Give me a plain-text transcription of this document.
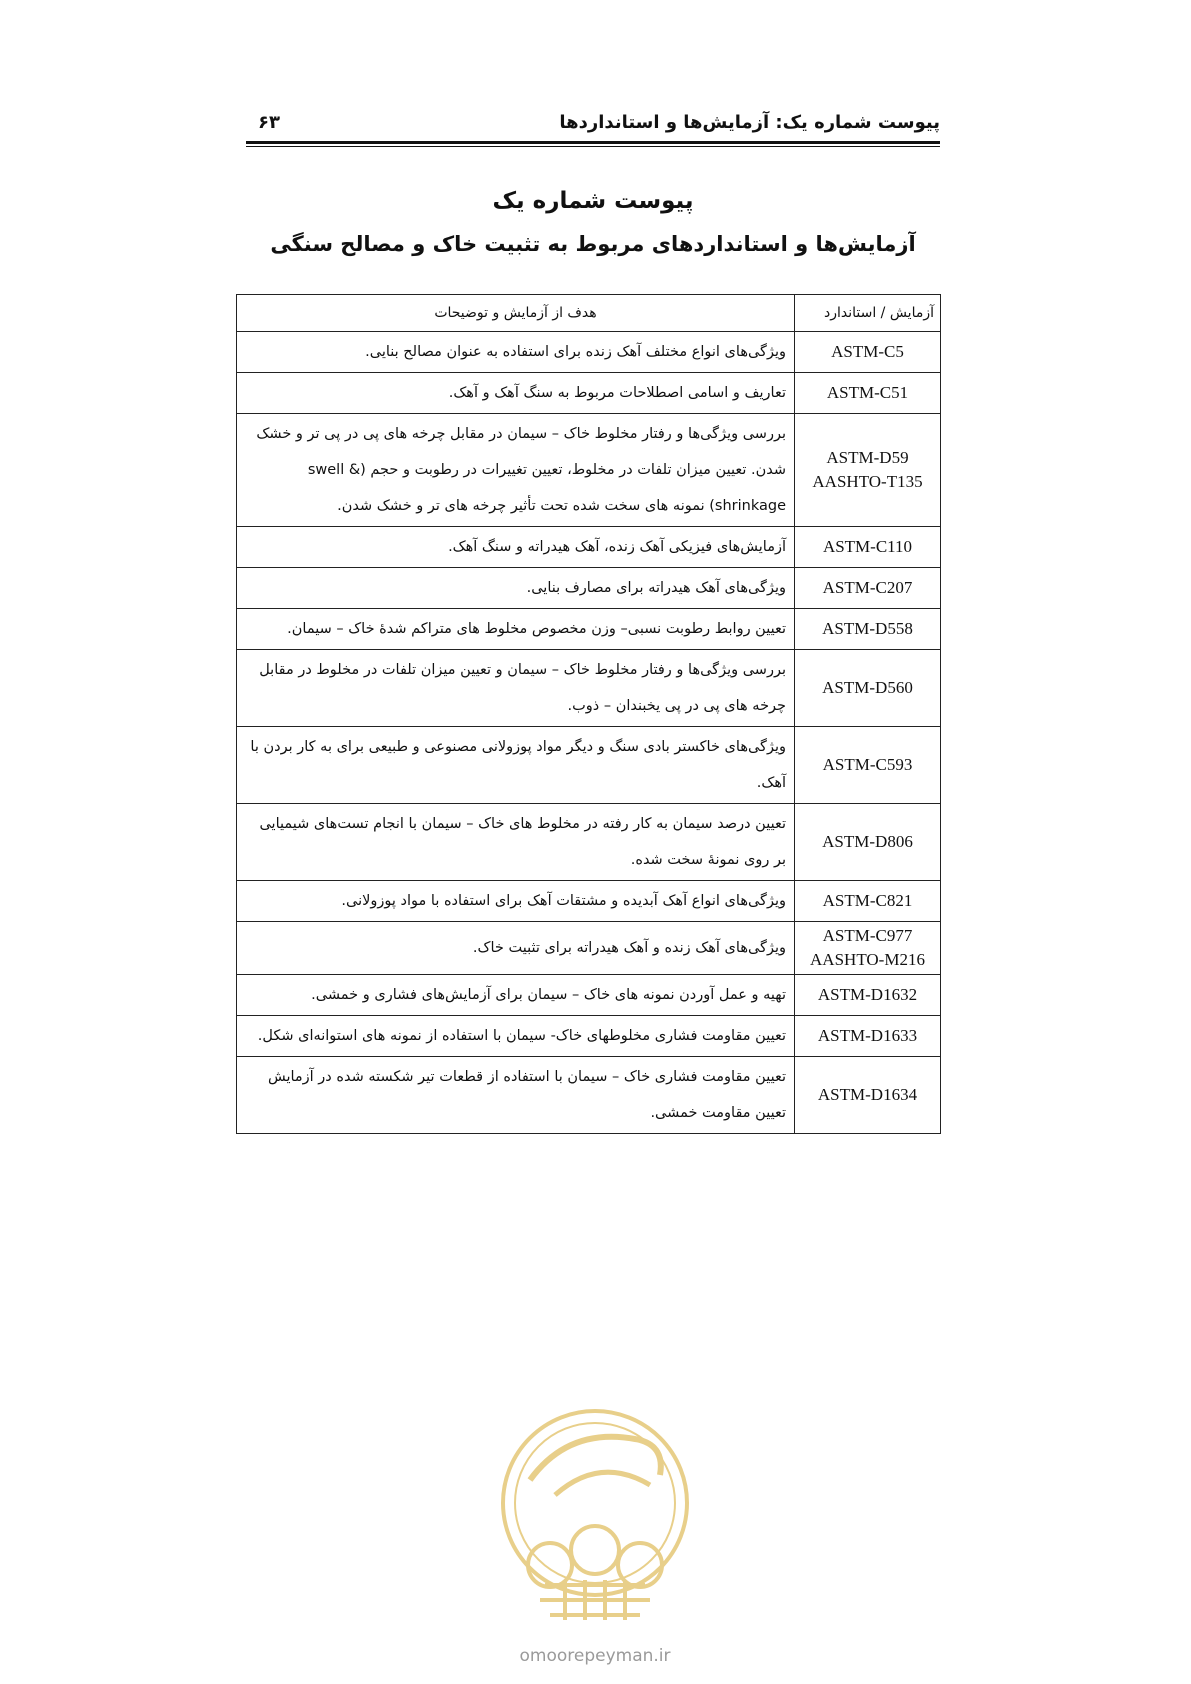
پیوست شماره یک: آزمایش‌ها و استانداردها
۶۳
پیوست شماره یک
آزمایش‌ها و استانداردهای مربوط به تثبیت خاک و مصالح سنگی
آزمایش / استاندارد	هدف از آزمایش و توضیحات

ASTM-C5	ویژگی‌های انواع مختلف آهک زنده برای استفاده به عنوان مصالح بنایی.

ASTM-C51	تعاریف و اسامی اصطلاحات مربوط به سنگ آهک و آهک.

ASTM-D59
AASHTO-T135	بررسی ویژگی‌ها و رفتار مخلوط خاک – سیمان در مقابل چرخه های پی در پی تر و خشک شدن. تعیین میزان تلفات در مخلوط، تعیین تغییرات در رطوبت و حجم (swell & shrinkage) نمونه های سخت شده تحت تأثیر چرخه های تر و خشک شدن.

ASTM-C110	آزمایش‌های فیزیکی آهک زنده، آهک هیدراته و سنگ آهک.

ASTM-C207	ویژگی‌های آهک هیدراته برای مصارف بنایی.

ASTM-D558	تعیین روابط رطوبت نسبی– وزن مخصوص مخلوط های متراکم شدهٔ خاک – سیمان.

ASTM-D560	بررسی ویژگی‌ها و رفتار مخلوط خاک – سیمان و تعیین میزان تلفات در مخلوط در مقابل چرخه های پی در پی یخبندان – ذوب.

ASTM-C593	ویژگی‌های خاکستر بادی سنگ و دیگر مواد پوزولانی مصنوعی و طبیعی برای به کار بردن با آهک.

ASTM-D806	تعیین درصد سیمان به کار رفته در مخلوط های خاک – سیمان با انجام تست‌های شیمیایی بر روی نمونهٔ سخت شده.

ASTM-C821	ویژگی‌های انواع آهک آبدیده و مشتقات آهک برای استفاده با مواد پوزولانی.

ASTM-C977
AASHTO-M216	ویژگی‌های آهک زنده و آهک هیدراته برای تثبیت خاک.

ASTM-D1632	تهیه و عمل آوردن نمونه های خاک – سیمان برای آزمایش‌های فشاری و خمشی.

ASTM-D1633	تعیین مقاومت فشاری مخلوطهای خاک- سیمان با استفاده از نمونه های استوانه‌ای شکل.

ASTM-D1634	تعیین مقاومت فشاری خاک – سیمان با استفاده از قطعات تیر شکسته شده در آزمایش تعیین مقاومت خمشی.
omoorepeyman.ir
